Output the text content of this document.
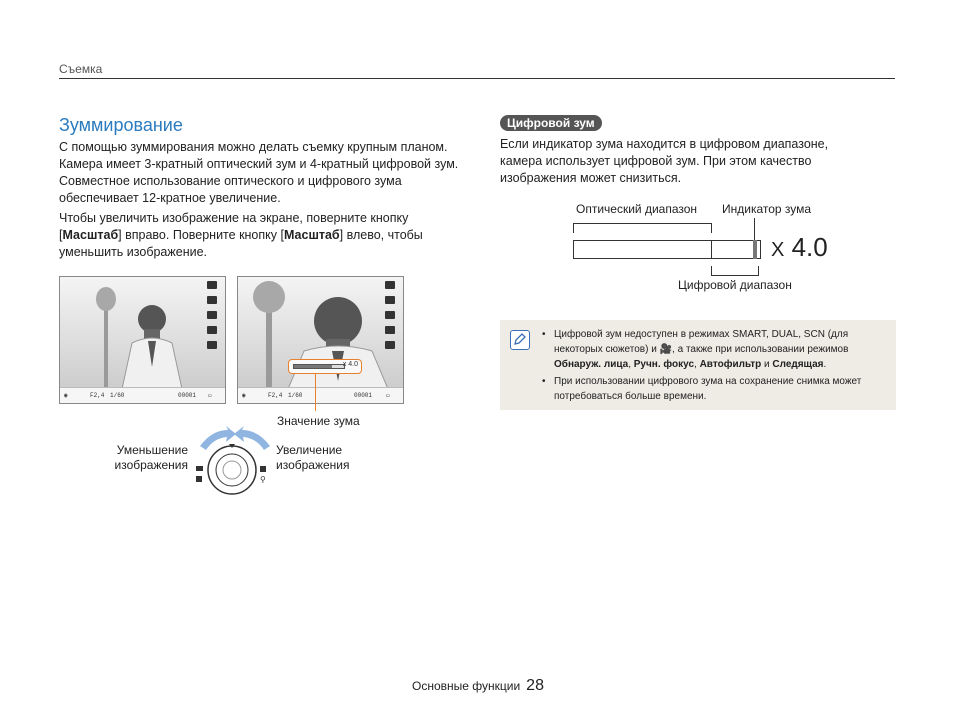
Съемка
Зуммирование

С помощью зуммирования можно делать съемку крупным планом. Камера имеет 3-кратный оптический зум и 4-кратный цифровой зум. Совместное использование оптического и цифрового зума обеспечивает 12-кратное увеличение.

Чтобы увеличить изображение на экране, поверните кнопку [Масштаб] вправо. Поверните кнопку [Масштаб] влево, чтобы уменьшить изображение.

◉	F2,4 1/60	00001 ▭	◉	F2,4 1/60	00001 ▭
x 4.0
Значение зума
Уменьшение изображения
Увеличение изображения
⚲
Цифровой зум

Если индикатор зума находится в цифровом диапазоне, камера использует цифровой зум. При этом качество изображения может снизиться.

Оптический диапазон Индикатор зума
X 4.0
Цифровой диапазон
• Цифровой зум недоступен в режимах SMART, DUAL, SCN (для некоторых сюжетов) и 🎥, а также при использовании режимов Обнаруж. лица, Ручн. фокус, Автофильтр и Следящая.
• При использовании цифрового зума на сохранение снимка может потребоваться больше времени.
Основные функции 28
